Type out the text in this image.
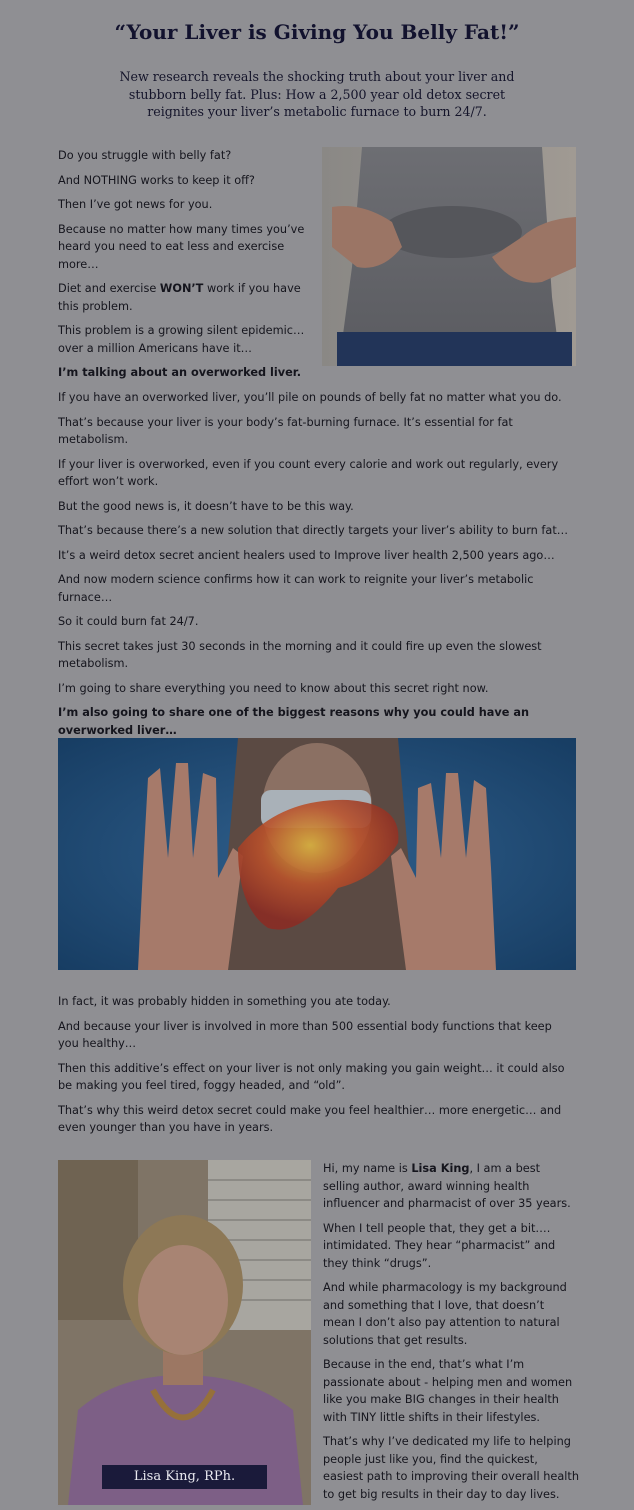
“Your Liver is Giving You Belly Fat!”

New research reveals the shocking truth about your liver and stubborn belly fat. Plus: How a 2,500 year old detox secret reignites your liver’s metabolic furnace to burn 24/7.

Do you struggle with belly fat?

And NOTHING works to keep it off?

Then I’ve got news for you.

Because no matter how many times you’ve heard you need to eat less and exercise more…

Diet and exercise WON’T work if you have this problem.

This problem is a growing silent epidemic… over a million Americans have it…

I’m talking about an overworked liver.

If you have an overworked liver, you’ll pile on pounds of belly fat no matter what you do.

That’s because your liver is your body’s fat-burning furnace. It’s essential for fat metabolism.

If your liver is overworked, even if you count every calorie and work out regularly, every effort won’t work.

But the good news is, it doesn’t have to be this way.

That’s because there’s a new solution that directly targets your liver’s ability to burn fat…

It’s a weird detox secret ancient healers used to Improve liver health 2,500 years ago…

And now modern science confirms how it can work to reignite your liver’s metabolic furnace…

So it could burn fat 24/7.

This secret takes just 30 seconds in the morning and it could fire up even the slowest metabolism.

I’m going to share everything you need to know about this secret right now.

I’m also going to share one of the biggest reasons why you could have an overworked liver…

In fact, it was probably hidden in something you ate today.

And because your liver is involved in more than 500 essential body functions that keep you healthy…

Then this additive’s effect on your liver is not only making you gain weight… it could also be making you feel tired, foggy headed, and “old”.

That’s why this weird detox secret could make you feel healthier… more energetic… and even younger than you have in years.

Lisa King, RPh.

Hi, my name is Lisa King, I am a best selling author, award winning health influencer and pharmacist of over 35 years.

When I tell people that, they get a bit…. intimidated. They hear “pharmacist” and they think “drugs”.

And while pharmacology is my background and something that I love, that doesn’t mean I don’t also pay attention to natural solutions that get results.

Because in the end, that’s what I’m passionate about - helping men and women like you make BIG changes in their health with TINY little shifts in their lifestyles.

That’s why I’ve dedicated my life to helping people just like you, find the quickest, easiest path to improving their overall health to get big results in their day to day lives.
